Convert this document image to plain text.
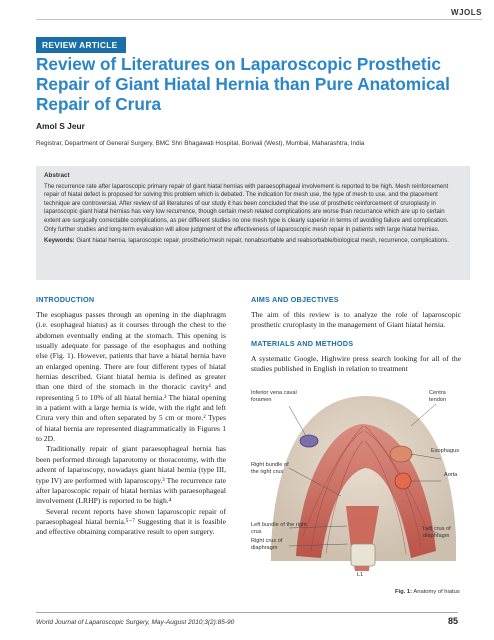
WJOLS
REVIEW ARTICLE
Review of Literatures on Laparoscopic Prosthetic Repair of Giant Hiatal Hernia than Pure Anatomical Repair of Crura
Amol S Jeur
Registrar, Department of General Surgery, BMC Shri Bhagawati Hospital, Borivali (West), Mumbai, Maharashtra, India
Abstract

The recurrence rate after laparoscopic primary repair of giant hiatal hernias with paraesophageal involvement is reported to be high. Mesh reinforcement repair of hiatal defect is proposed for solving this problem which is debated. The indication for mesh use, the type of mesh to use, and the placement technique are controversial. After review of all literatures of our study it has been concluded that the use of prosthetic reinforcement of cruroplasty in laparoscopic giant hiatal hernias has very low recurrence, though certain mesh related complications are worse than recurrance which are up to certain extent are surgically correctable complications, as per different studies no one mesh type is clearly superior in terms of avoiding failure and complication. Only further studies and long-term evaluation will allow judgment of the effectiveness of laparoscopic mesh repair in patients with large hiatal hernias.

Keywords: Giant hiatal hernia, laparoscopic repair, prosthetic/mesh repair, nonabsorbable and reabsorbable/biological mesh, recurrence, complications.

INTRODUCTION

The esophagus passes through an opening in the diaphragm (i.e. esophageal hiatus) as it courses through the chest to the abdomen eventually ending at the stomach. This opening is usually adequate for passage of the esophagus and nothing else (Fig. 1). However, patients that have a hiatal hernia have an enlarged opening. There are four different types of hiatal hernias described. Giant hiatal hernia is defined as greater than one third of the stomach in the thoracic cavity¹ and representing 5 to 10% of all hiatal hernia.² The hiatal opening in a patient with a large hernia is wide, with the right and left Crura very thin and often separated by 5 cm or more.² Types of hiatal hernia are represented diagrammatically in Figures 1 to 2D.

Traditionally repair of giant paraesophageal hernia has been performed through laparotomy or thoracotomy, with the advent of laparoscopy, nowadays giant hiatal hernia (type III, type IV) are performed with laparoscopy.³ The recurrence rate after laparoscopic repair of hiatal hernias with paraesophageal involvement (LRHP) is reported to be high.⁴

Several recent reports have shown laparoscopic repair of paraesophageal hiatal hernia.⁵⁻⁷ Suggesting that it is feasible and effective obtaining comparative result to open surgery.

AIMS AND OBJECTIVES

The aim of this review is to analyze the role of laparoscopic prosthetic cruroplasty in the management of Giant hiatal hernia.

MATERIALS AND METHODS

A systematic Google, Highwire press search looking for all of the studies published in English in relation to treatment

Inferior vena caval foramen
Centra tendon
Esophagus
Aorta
Right bundle of the right crus
Left bundle of the right crus
Right crus of diaphragm
Left crus of diaphragm
L1
Fig. 1: Anatomy of hiatus
World Journal of Laparoscopic Surgery, May-August 2010;3(2):85-90	85
